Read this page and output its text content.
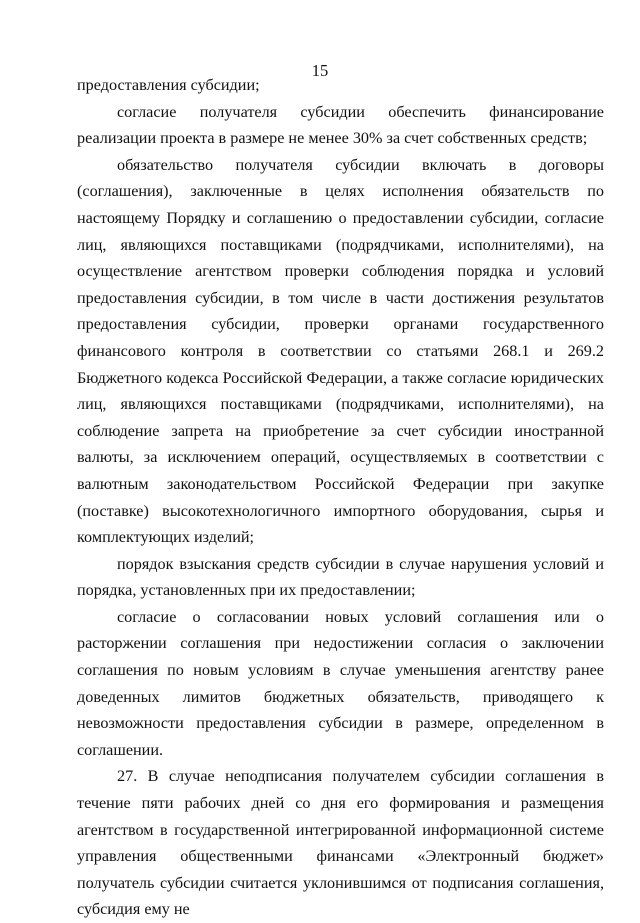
15

предоставления субсидии;

согласие получателя субсидии обеспечить финансирование реализации проекта в размере не менее 30% за счет собственных средств;

обязательство получателя субсидии включать в договоры (соглашения), заключенные в целях исполнения обязательств по настоящему Порядку и соглашению о предоставлении субсидии, согласие лиц, являющихся поставщиками (подрядчиками, исполнителями), на осуществление агентством проверки соблюдения порядка и условий предоставления субсидии, в том числе в части достижения результатов предоставления субсидии, проверки органами государственного финансового контроля в соответствии со статьями 268.1 и 269.2 Бюджетного кодекса Российской Федерации, а также согласие юридических лиц, являющихся поставщиками (подрядчиками, исполнителями), на соблюдение запрета на приобретение за счет субсидии иностранной валюты, за исключением операций, осуществляемых в соответствии с валютным законодательством Российской Федерации при закупке (поставке) высокотехнологичного импортного оборудования, сырья и комплектующих изделий;

порядок взыскания средств субсидии в случае нарушения условий и порядка, установленных при их предоставлении;

согласие о согласовании новых условий соглашения или о расторжении соглашения при недостижении согласия о заключении соглашения по новым условиям в случае уменьшения агентству ранее доведенных лимитов бюджетных обязательств, приводящего к невозможности предоставления субсидии в размере, определенном в соглашении.

27. В случае неподписания получателем субсидии соглашения в течение пяти рабочих дней со дня его формирования и размещения агентством в государственной интегрированной информационной системе управления общественными финансами «Электронный бюджет» получатель субсидии считается уклонившимся от подписания соглашения, субсидия ему не
